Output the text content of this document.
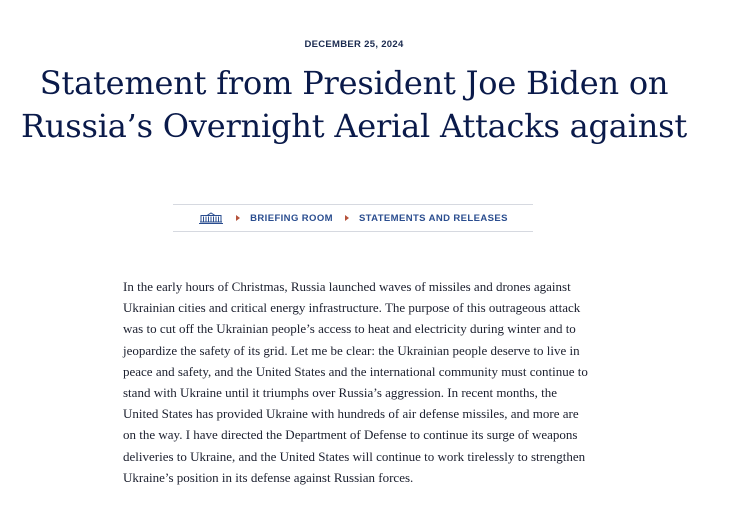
DECEMBER 25, 2024
Statement from President Joe Biden on Russia’s Overnight Aerial Attacks against
BRIEFING ROOM	STATEMENTS AND RELEASES

In the early hours of Christmas, Russia launched waves of missiles and drones against Ukrainian cities and critical energy infrastructure. The purpose of this outrageous attack was to cut off the Ukrainian people’s access to heat and electricity during winter and to jeopardize the safety of its grid. Let me be clear: the Ukrainian people deserve to live in peace and safety, and the United States and the international community must continue to stand with Ukraine until it triumphs over Russia’s aggression. In recent months, the United States has provided Ukraine with hundreds of air defense missiles, and more are on the way. I have directed the Department of Defense to continue its surge of weapons deliveries to Ukraine, and the United States will continue to work tirelessly to strengthen Ukraine’s position in its defense against Russian forces.
